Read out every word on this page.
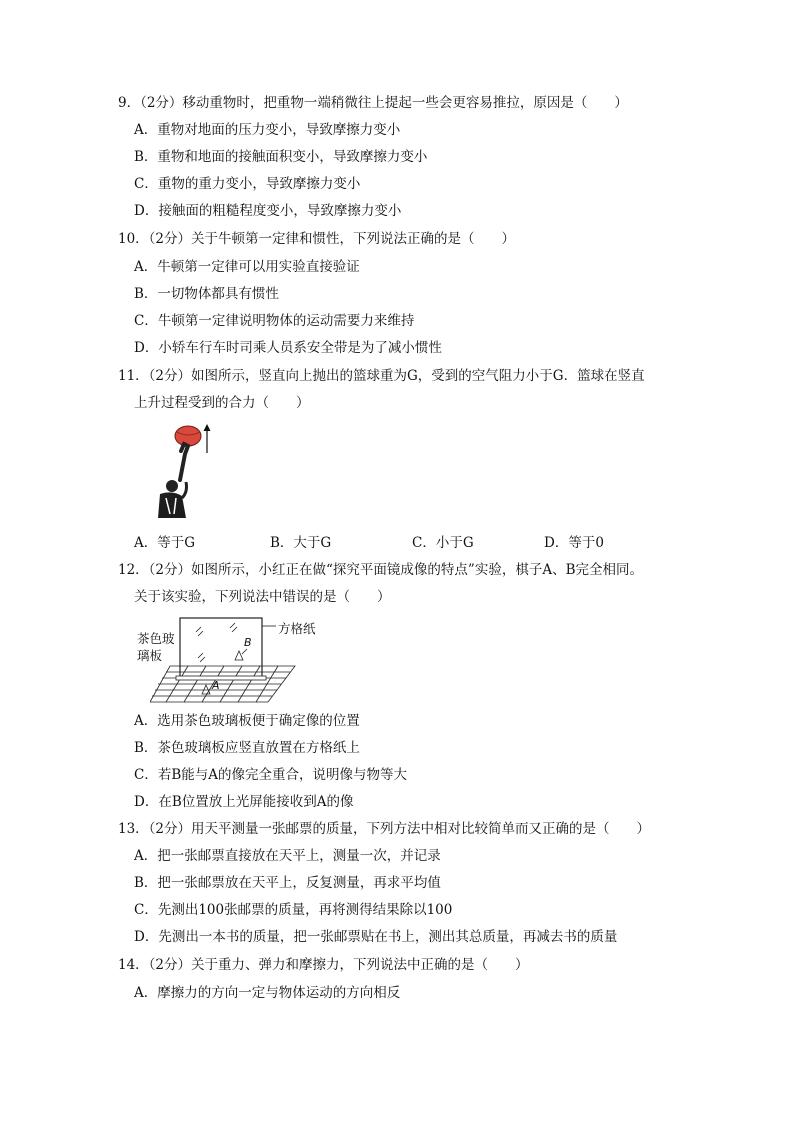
9．（2分）移动重物时，把重物一端稍微往上提起一些会更容易推拉，原因是（　　）
A．重物对地面的压力变小，导致摩擦力变小
B．重物和地面的接触面积变小，导致摩擦力变小
C．重物的重力变小，导致摩擦力变小
D．接触面的粗糙程度变小，导致摩擦力变小
10．（2分）关于牛顿第一定律和惯性，下列说法正确的是（　　）
A．牛顿第一定律可以用实验直接验证
B．一切物体都具有惯性
C．牛顿第一定律说明物体的运动需要力来维持
D．小轿车行车时司乘人员系安全带是为了减小惯性
11．（2分）如图所示，竖直向上抛出的篮球重为G，受到的空气阻力小于G．篮球在竖直
上升过程受到的合力（　　）
A．等于G	B．大于G	C．小于G	D．等于0
12．（2分）如图所示，小红正在做“探究平面镜成像的特点”实验，棋子A、B完全相同。
关于该实验，下列说法中错误的是（　　）
茶色玻
璃板
方格纸
B
A
A．选用茶色玻璃板便于确定像的位置
B．茶色玻璃板应竖直放置在方格纸上
C．若B能与A的像完全重合，说明像与物等大
D．在B位置放上光屏能接收到A的像
13．（2分）用天平测量一张邮票的质量，下列方法中相对比较简单而又正确的是（　　）
A．把一张邮票直接放在天平上，测量一次，并记录
B．把一张邮票放在天平上，反复测量，再求平均值
C．先测出100张邮票的质量，再将测得结果除以100
D．先测出一本书的质量，把一张邮票贴在书上，测出其总质量，再减去书的质量
14．（2分）关于重力、弹力和摩擦力，下列说法中正确的是（　　）
A．摩擦力的方向一定与物体运动的方向相反
